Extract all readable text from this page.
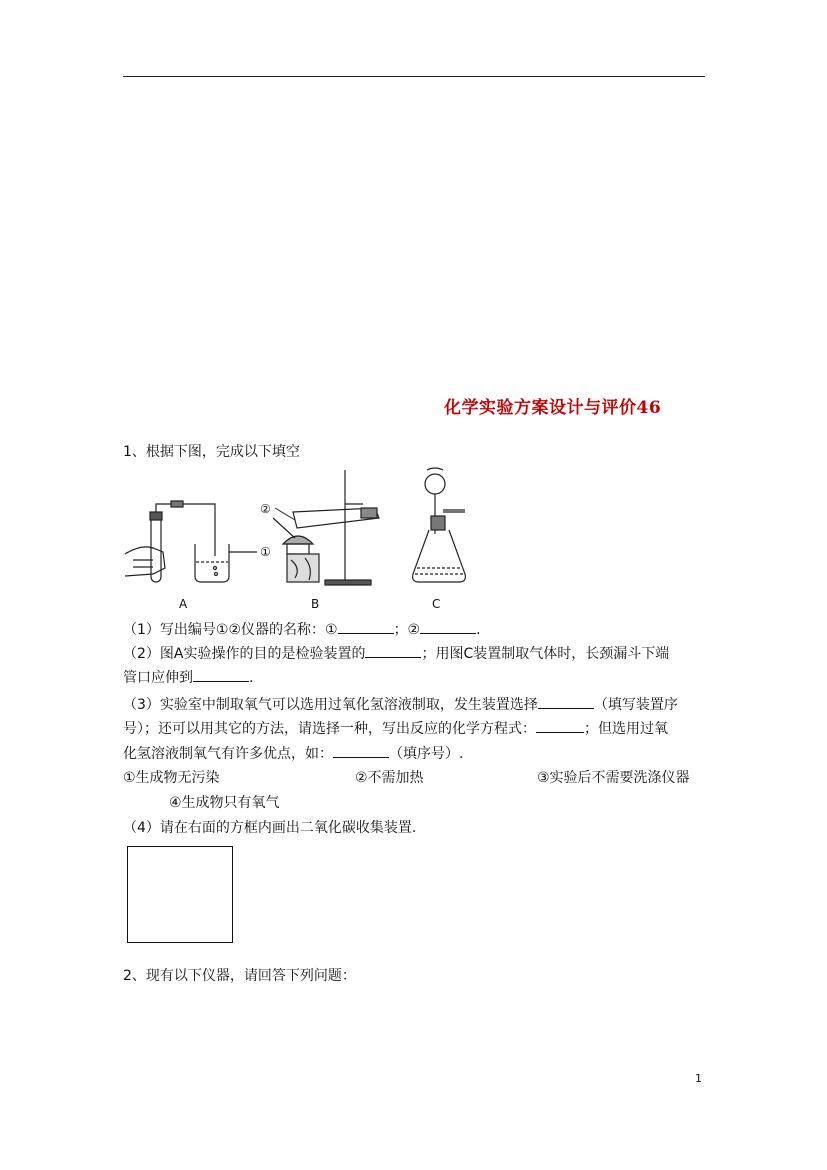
化学实验方案设计与评价46
1、根据下图，完成以下填空
①
②
A	B	C
（1）写出编号①②仪器的名称：①	；②	.
（2）图A实验操作的目的是检验装置的	；用图C装置制取气体时，长颈漏斗下端
管口应伸到	.
（3）实验室中制取氧气可以选用过氧化氢溶液制取，发生装置选择	（填写装置序
号）；还可以用其它的方法，请选择一种，写出反应的化学方程式：	；但选用过氧
化氢溶液制氧气有许多优点，如：	（填序号）.
①生成物无污染	②不需加热	③实验后不需要洗涤仪器
④生成物只有氧气
（4）请在右面的方框内画出二氧化碳收集装置.
2、现有以下仪器，请回答下列问题：
1
